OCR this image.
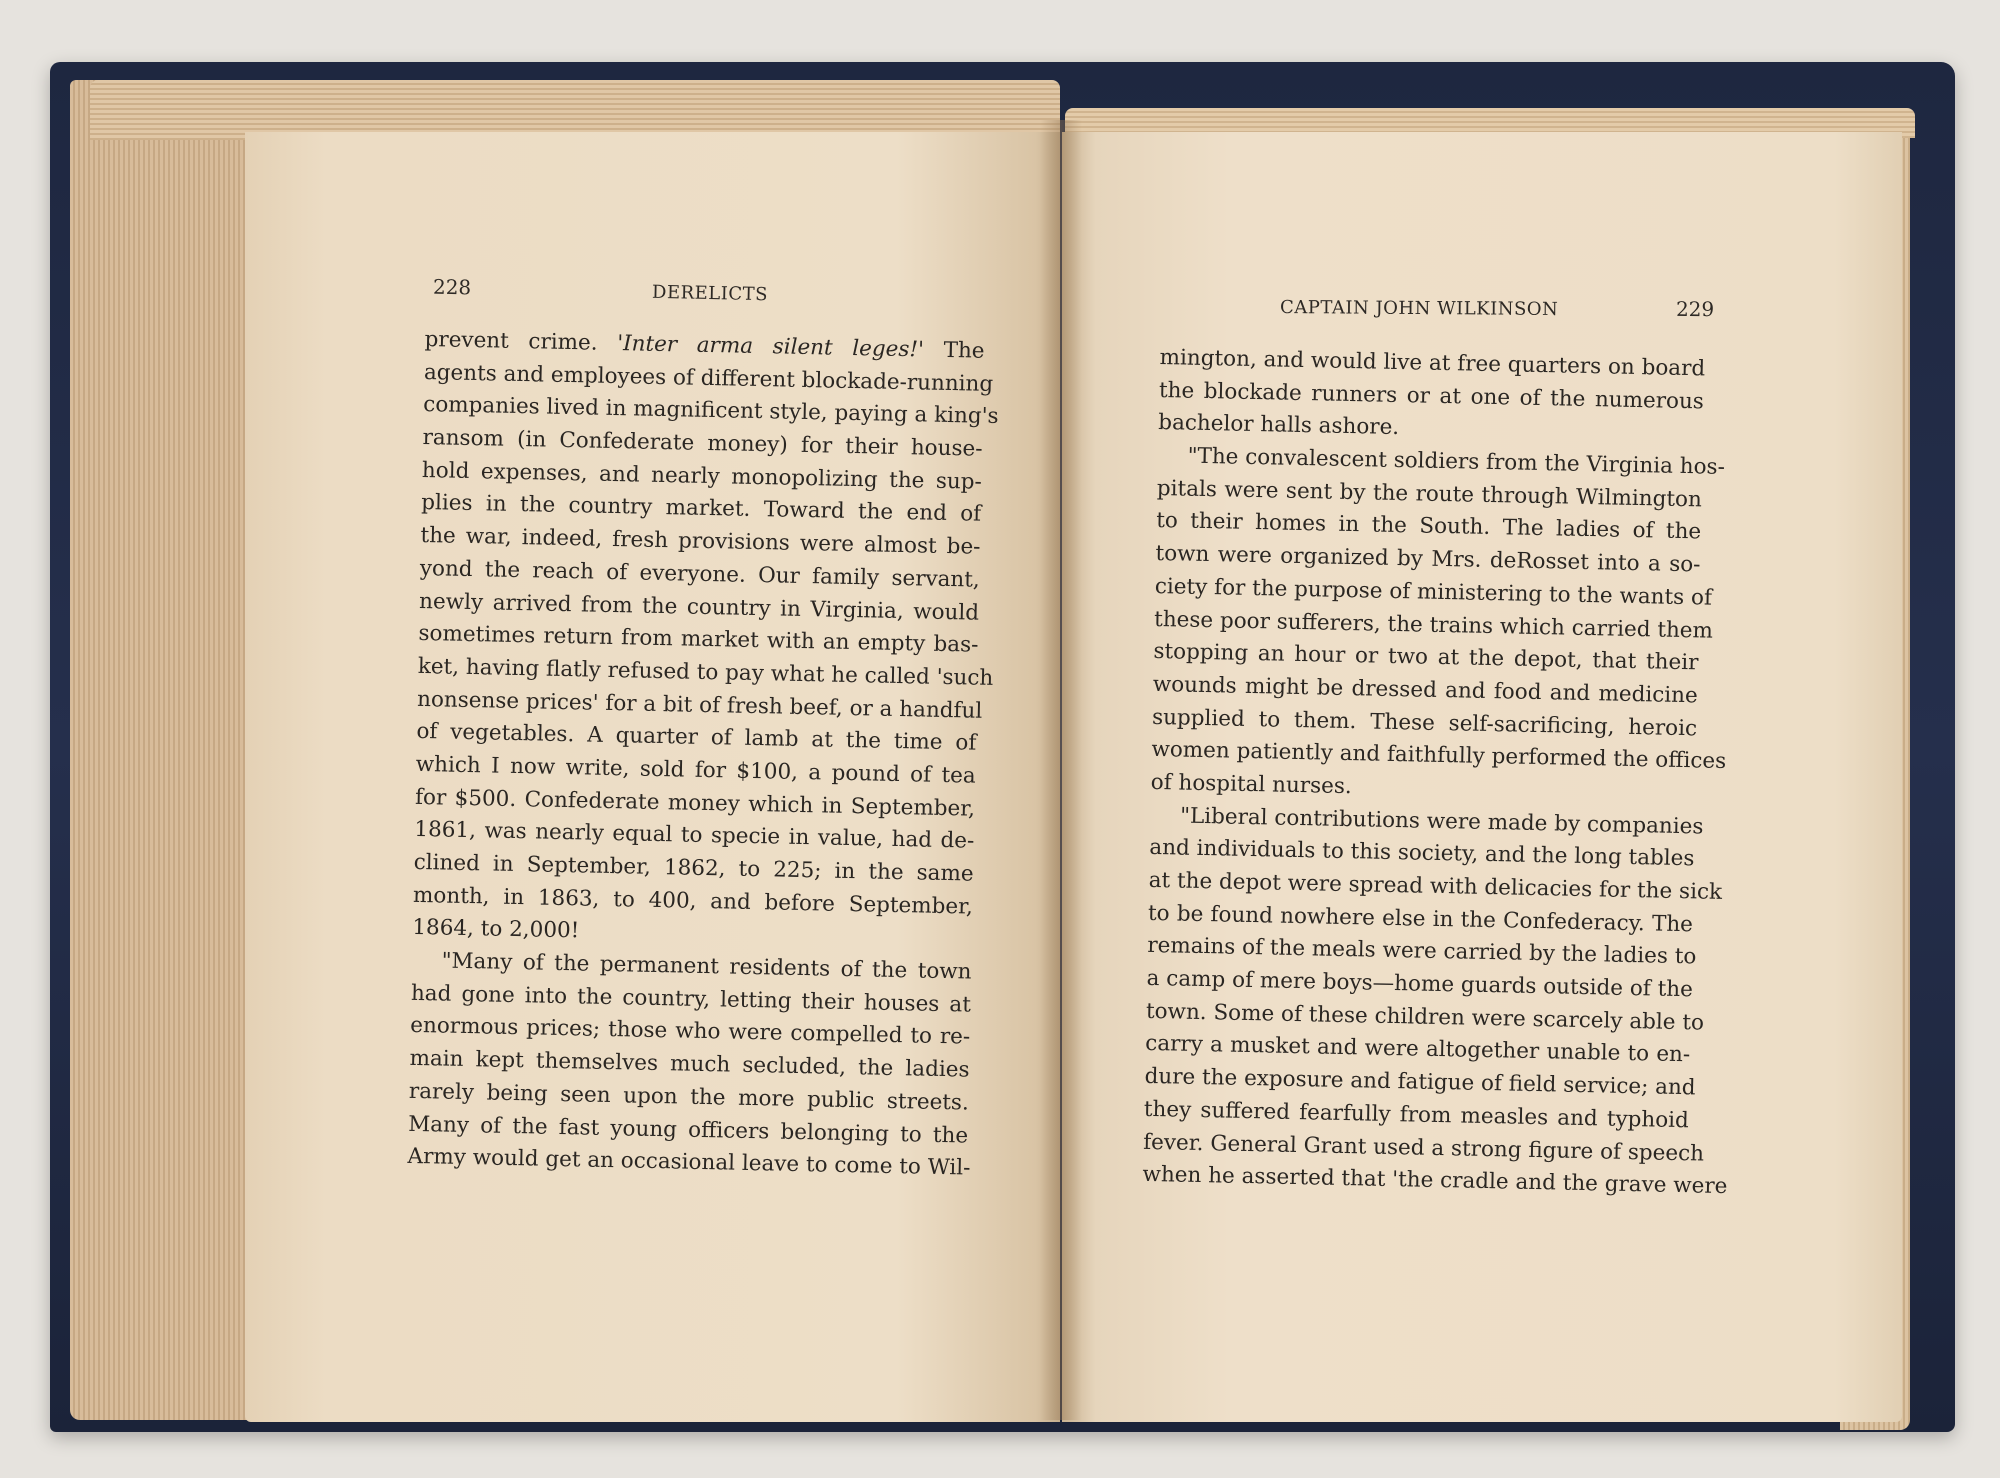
228	DERELICTS
CAPTAIN JOHN WILKINSON	229
prevent crime. 'Inter arma silent leges!' The
agents and employees of different blockade-running
companies lived in magnificent style, paying a king's
ransom (in Confederate money) for their house-
hold expenses, and nearly monopolizing the sup-
plies in the country market. Toward the end of
the war, indeed, fresh provisions were almost be-
yond the reach of everyone. Our family servant,
newly arrived from the country in Virginia, would
sometimes return from market with an empty bas-
ket, having flatly refused to pay what he called 'such
nonsense prices' for a bit of fresh beef, or a handful
of vegetables. A quarter of lamb at the time of
which I now write, sold for $100, a pound of tea
for $500. Confederate money which in September,
1861, was nearly equal to specie in value, had de-
clined in September, 1862, to 225; in the same
month, in 1863, to 400, and before September,
1864, to 2,000!
"Many of the permanent residents of the town
had gone into the country, letting their houses at
enormous prices; those who were compelled to re-
main kept themselves much secluded, the ladies
rarely being seen upon the more public streets.
Many of the fast young officers belonging to the
Army would get an occasional leave to come to Wil-
mington, and would live at free quarters on board
the blockade runners or at one of the numerous
bachelor halls ashore.
"The convalescent soldiers from the Virginia hos-
pitals were sent by the route through Wilmington
to their homes in the South. The ladies of the
town were organized by Mrs. deRosset into a so-
ciety for the purpose of ministering to the wants of
these poor sufferers, the trains which carried them
stopping an hour or two at the depot, that their
wounds might be dressed and food and medicine
supplied to them. These self-sacrificing, heroic
women patiently and faithfully performed the offices
of hospital nurses.
"Liberal contributions were made by companies
and individuals to this society, and the long tables
at the depot were spread with delicacies for the sick
to be found nowhere else in the Confederacy. The
remains of the meals were carried by the ladies to
a camp of mere boys—home guards outside of the
town. Some of these children were scarcely able to
carry a musket and were altogether unable to en-
dure the exposure and fatigue of field service; and
they suffered fearfully from measles and typhoid
fever. General Grant used a strong figure of speech
when he asserted that 'the cradle and the grave were
